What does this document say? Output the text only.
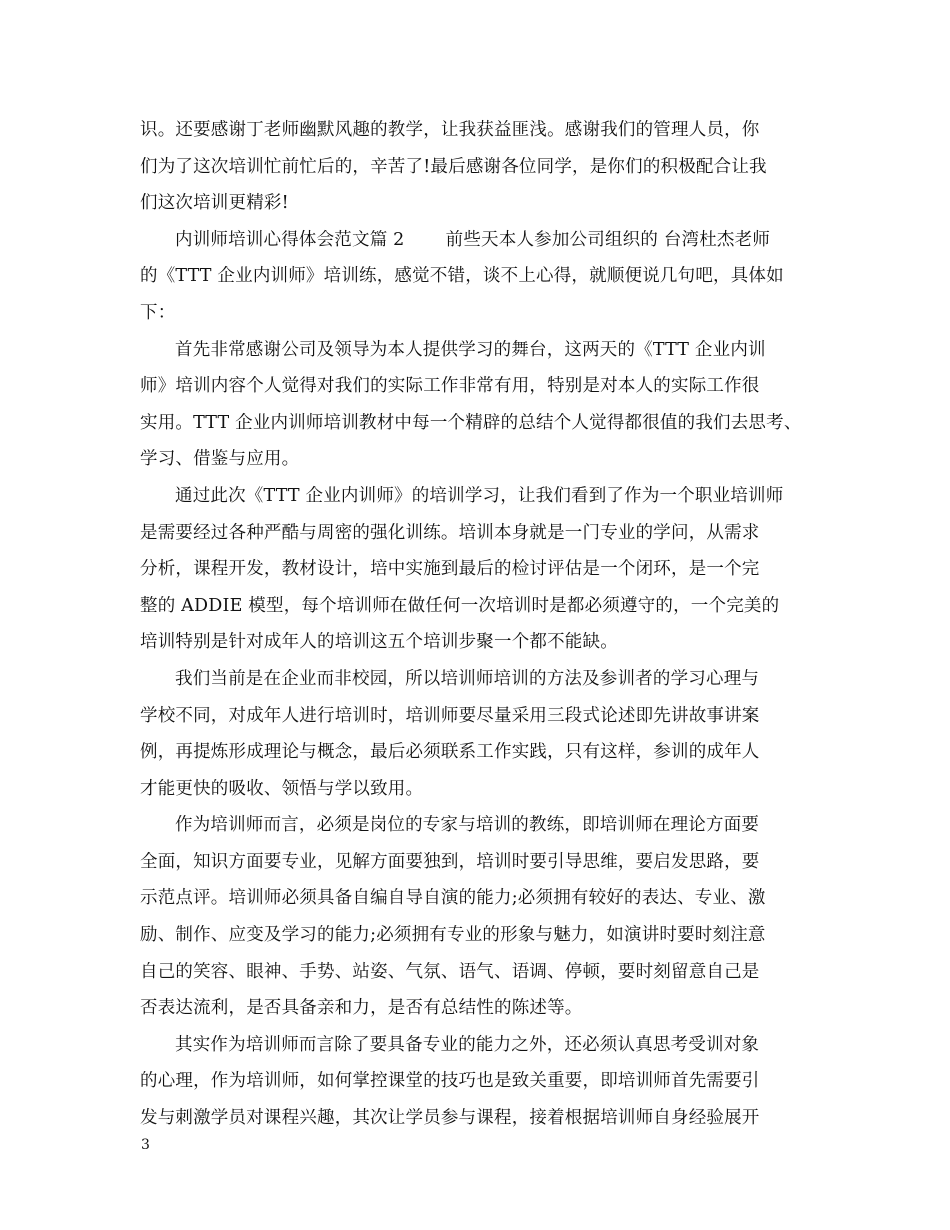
识。还要感谢丁老师幽默风趣的教学，让我获益匪浅。感谢我们的管理人员，你
们为了这次培训忙前忙后的，辛苦了!最后感谢各位同学，是你们的积极配合让我
们这次培训更精彩!
内训师培训心得体会范文篇 2　　 前些天本人参加公司组织的 台湾杜杰老师
的《TTT 企业内训师》培训练，感觉不错，谈不上心得，就顺便说几句吧，具体如
下：
首先非常感谢公司及领导为本人提供学习的舞台，这两天的《TTT 企业内训
师》培训内容个人觉得对我们的实际工作非常有用，特别是对本人的实际工作很
实用。TTT 企业内训师培训教材中每一个精辟的总结个人觉得都很值的我们去思考、
学习、借鉴与应用。
通过此次《TTT 企业内训师》的培训学习，让我们看到了作为一个职业培训师
是需要经过各种严酷与周密的强化训练。培训本身就是一门专业的学问，从需求
分析，课程开发，教材设计，培中实施到最后的检讨评估是一个闭环，是一个完
整的 ADDIE 模型，每个培训师在做任何一次培训时是都必须遵守的，一个完美的
培训特别是针对成年人的培训这五个培训步聚一个都不能缺。
我们当前是在企业而非校园，所以培训师培训的方法及参训者的学习心理与
学校不同，对成年人进行培训时，培训师要尽量采用三段式论述即先讲故事讲案
例，再提炼形成理论与概念，最后必须联系工作实践，只有这样，参训的成年人
才能更快的吸收、领悟与学以致用。
作为培训师而言，必须是岗位的专家与培训的教练，即培训师在理论方面要
全面，知识方面要专业，见解方面要独到，培训时要引导思维，要启发思路，要
示范点评。培训师必须具备自编自导自演的能力;必须拥有较好的表达、专业、激
励、制作、应变及学习的能力;必须拥有专业的形象与魅力，如演讲时要时刻注意
自己的笑容、眼神、手势、站姿、气氛、语气、语调、停顿，要时刻留意自己是
否表达流利，是否具备亲和力，是否有总结性的陈述等。
其实作为培训师而言除了要具备专业的能力之外，还必须认真思考受训对象
的心理，作为培训师，如何掌控课堂的技巧也是致关重要，即培训师首先需要引
发与刺激学员对课程兴趣，其次让学员参与课程，接着根据培训师自身经验展开
3
